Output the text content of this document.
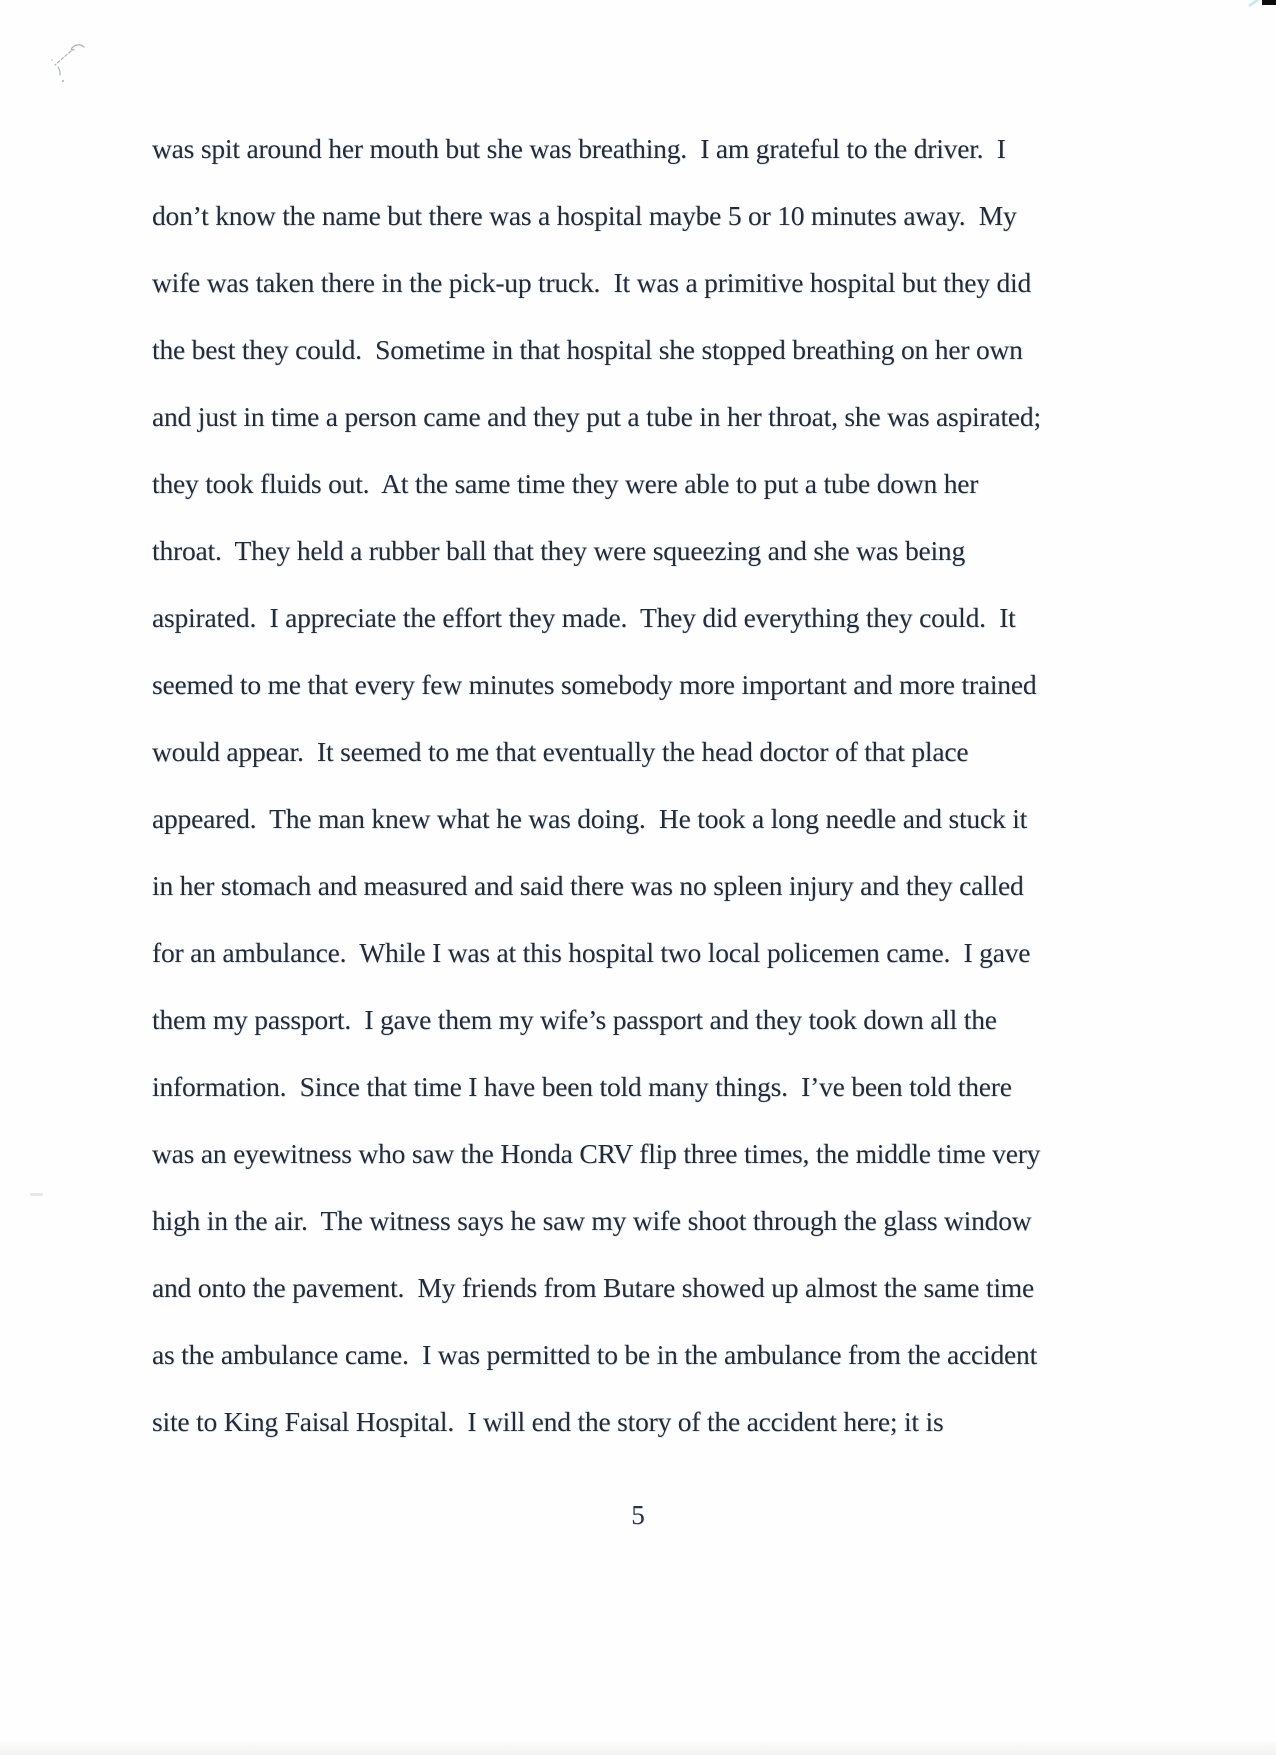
was spit around her mouth but she was breathing.  I am grateful to the driver.  I
don’t know the name but there was a hospital maybe 5 or 10 minutes away.  My
wife was taken there in the pick-up truck.  It was a primitive hospital but they did
the best they could.  Sometime in that hospital she stopped breathing on her own
and just in time a person came and they put a tube in her throat, she was aspirated;
they took fluids out.  At the same time they were able to put a tube down her
throat.  They held a rubber ball that they were squeezing and she was being
aspirated.  I appreciate the effort they made.  They did everything they could.  It
seemed to me that every few minutes somebody more important and more trained
would appear.  It seemed to me that eventually the head doctor of that place
appeared.  The man knew what he was doing.  He took a long needle and stuck it
in her stomach and measured and said there was no spleen injury and they called
for an ambulance.  While I was at this hospital two local policemen came.  I gave
them my passport.  I gave them my wife’s passport and they took down all the
information.  Since that time I have been told many things.  I’ve been told there
was an eyewitness who saw the Honda CRV flip three times, the middle time very
high in the air.  The witness says he saw my wife shoot through the glass window
and onto the pavement.  My friends from Butare showed up almost the same time
as the ambulance came.  I was permitted to be in the ambulance from the accident
site to King Faisal Hospital.  I will end the story of the accident here; it is
5
